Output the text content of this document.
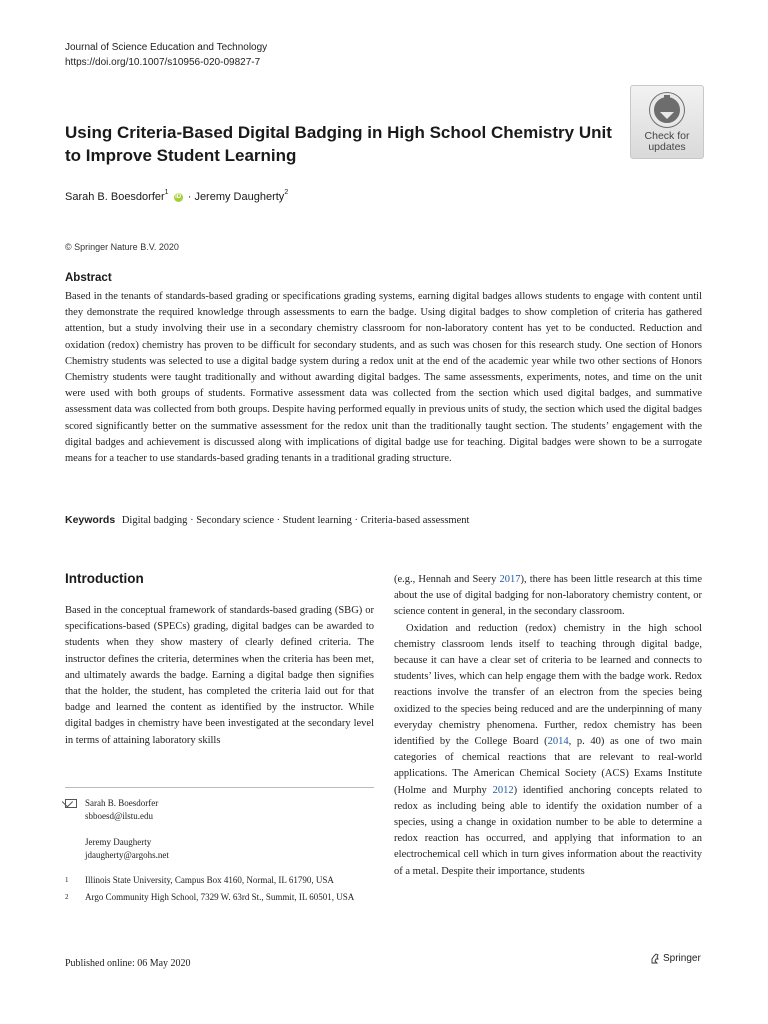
Journal of Science Education and Technology
https://doi.org/10.1007/s10956-020-09827-7
Using Criteria-Based Digital Badging in High School Chemistry Unit to Improve Student Learning
Check for
updates
Sarah B. Boesdorfer$^1$ iD · Jeremy Daugherty$^2$
© Springer Nature B.V. 2020
Abstract
Based in the tenants of standards-based grading or specifications grading systems, earning digital badges allows students to engage with content until they demonstrate the required knowledge through assessments to earn the badge. Using digital badges to show completion of criteria has gathered attention, but a study involving their use in a secondary chemistry classroom for non-laboratory content has yet to be conducted. Reduction and oxidation (redox) chemistry has proven to be difficult for secondary students, and as such was chosen for this research study. One section of Honors Chemistry students was selected to use a digital badge system during a redox unit at the end of the academic year while two other sections of Honors Chemistry students were taught traditionally and without awarding digital badges. The same assessments, experiments, notes, and time on the unit were used with both groups of students. Formative assessment data was collected from the section which used digital badges, and summative assessment data was collected from both groups. Despite having performed equally in previous units of study, the section which used the digital badges scored significantly better on the summative assessment for the redox unit than the traditionally taught section. The students’ engagement with the digital badges and achievement is discussed along with implications of digital badge use for teaching. Digital badges were shown to be a surrogate means for a teacher to use standards-based grading tenants in a traditional grading structure.
Keywords Digital badging · Secondary science · Student learning · Criteria-based assessment
Introduction

Based in the conceptual framework of standards-based grading (SBG) or specifications-based (SPECs) grading, digital badges can be awarded to students when they show mastery of clearly defined criteria. The instructor defines the criteria, determines when the criteria has been met, and ultimately awards the badge. Earning a digital badge then signifies that the holder, the student, has completed the criteria laid out for that badge and learned the content as identified by the instructor. While digital badges in chemistry have been investigated at the secondary level in terms of attaining laboratory skills

(e.g., Hennah and Seery 2017), there has been little research at this time about the use of digital badging for non-laboratory chemistry content, or science content in general, in the secondary classroom.

Oxidation and reduction (redox) chemistry in the high school chemistry classroom lends itself to teaching through digital badge, because it can have a clear set of criteria to be learned and connects to students’ lives, which can help engage them with the badge work. Redox reactions involve the transfer of an electron from the species being oxidized to the species being reduced and are the underpinning of many everyday chemistry phenomena. Further, redox chemistry has been identified by the College Board (2014, p. 40) as one of two main categories of chemical reactions that are relevant to real-world applications. The American Chemical Society (ACS) Exams Institute (Holme and Murphy 2012) identified anchoring concepts related to redox as including being able to identify the oxidation number of a species, using a change in oxidation number to be able to determine a redox reaction has occurred, and applying that information to an electrochemical cell which in turn gives information about the reactivity of a metal. Despite their importance, students

Sarah B. Boesdorfer
sbboesd@ilstu.edu
Jeremy Daugherty
jdaugherty@argohs.net
1	Illinois State University, Campus Box 4160, Normal, IL 61790, USA
2	Argo Community High School, 7329 W. 63rd St., Summit, IL 60501, USA
Published online: 06 May 2020	Springer
